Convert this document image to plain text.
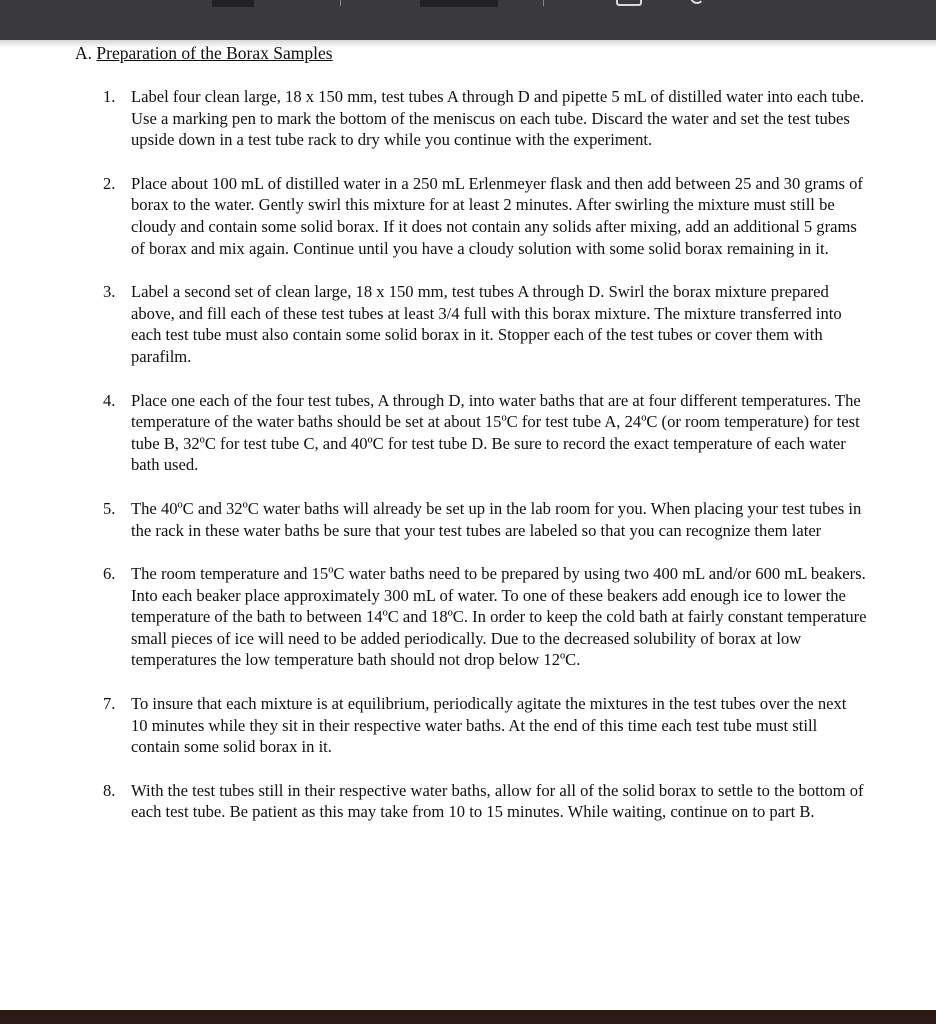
A. Preparation of the Borax Samples
1. Label four clean large, 18 x 150 mm, test tubes A through D and pipette 5 mL of distilled water into each tube. Use a marking pen to mark the bottom of the meniscus on each tube. Discard the water and set the test tubes upside down in a test tube rack to dry while you continue with the experiment.
2. Place about 100 mL of distilled water in a 250 mL Erlenmeyer flask and then add between 25 and 30 grams of borax to the water. Gently swirl this mixture for at least 2 minutes. After swirling the mixture must still be cloudy and contain some solid borax. If it does not contain any solids after mixing, add an additional 5 grams of borax and mix again. Continue until you have a cloudy solution with some solid borax remaining in it.
3. Label a second set of clean large, 18 x 150 mm, test tubes A through D. Swirl the borax mixture prepared above, and fill each of these test tubes at least 3/4 full with this borax mixture. The mixture transferred into each test tube must also contain some solid borax in it. Stopper each of the test tubes or cover them with parafilm.
4. Place one each of the four test tubes, A through D, into water baths that are at four different temperatures. The temperature of the water baths should be set at about 15ºC for test tube A, 24ºC (or room temperature) for test tube B, 32ºC for test tube C, and 40ºC for test tube D. Be sure to record the exact temperature of each water bath used.
5. The 40ºC and 32ºC water baths will already be set up in the lab room for you. When placing your test tubes in the rack in these water baths be sure that your test tubes are labeled so that you can recognize them later
6. The room temperature and 15ºC water baths need to be prepared by using two 400 mL and/or 600 mL beakers. Into each beaker place approximately 300 mL of water. To one of these beakers add enough ice to lower the temperature of the bath to between 14ºC and 18ºC. In order to keep the cold bath at fairly constant temperature small pieces of ice will need to be added periodically. Due to the decreased solubility of borax at low temperatures the low temperature bath should not drop below 12ºC.
7. To insure that each mixture is at equilibrium, periodically agitate the mixtures in the test tubes over the next 10 minutes while they sit in their respective water baths. At the end of this time each test tube must still contain some solid borax in it.
8. With the test tubes still in their respective water baths, allow for all of the solid borax to settle to the bottom of each test tube. Be patient as this may take from 10 to 15 minutes. While waiting, continue on to part B.
